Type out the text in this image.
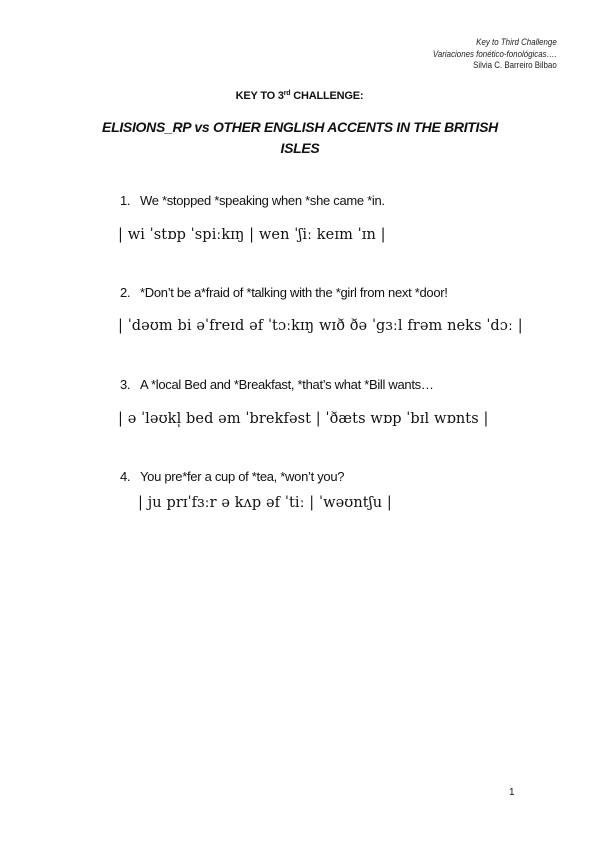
Key to Third Challenge
Variaciones fonético-fonológicas….
Silvia C. Barreiro Bilbao
KEY TO 3rd CHALLENGE:
ELISIONS_RP vs OTHER ENGLISH ACCENTS IN THE BRITISH
ISLES
1. We *stopped *speaking when *she came *in.
| wi ˈstɒp ˈspiːkɪŋ | wen ˈʃiː keɪm ˈɪn |
2. *Don’t be a*fraid of *talking with the *girl from next *door!
| ˈdəʊm bi əˈfreɪd əf ˈtɔːkɪŋ wɪð ðə ˈgɜːl frəm neks ˈdɔː |
3. A *local Bed and *Breakfast, *that’s what *Bill wants…
| ə ˈləʊkl̩ bed əm ˈbrekfəst | ˈðæts wɒp ˈbɪl wɒnts |
4. You pre*fer a cup of *tea, *won’t you?
| ju prɪˈfɜːr ə kʌp əf ˈtiː | ˈwəʊntʃu |
1
